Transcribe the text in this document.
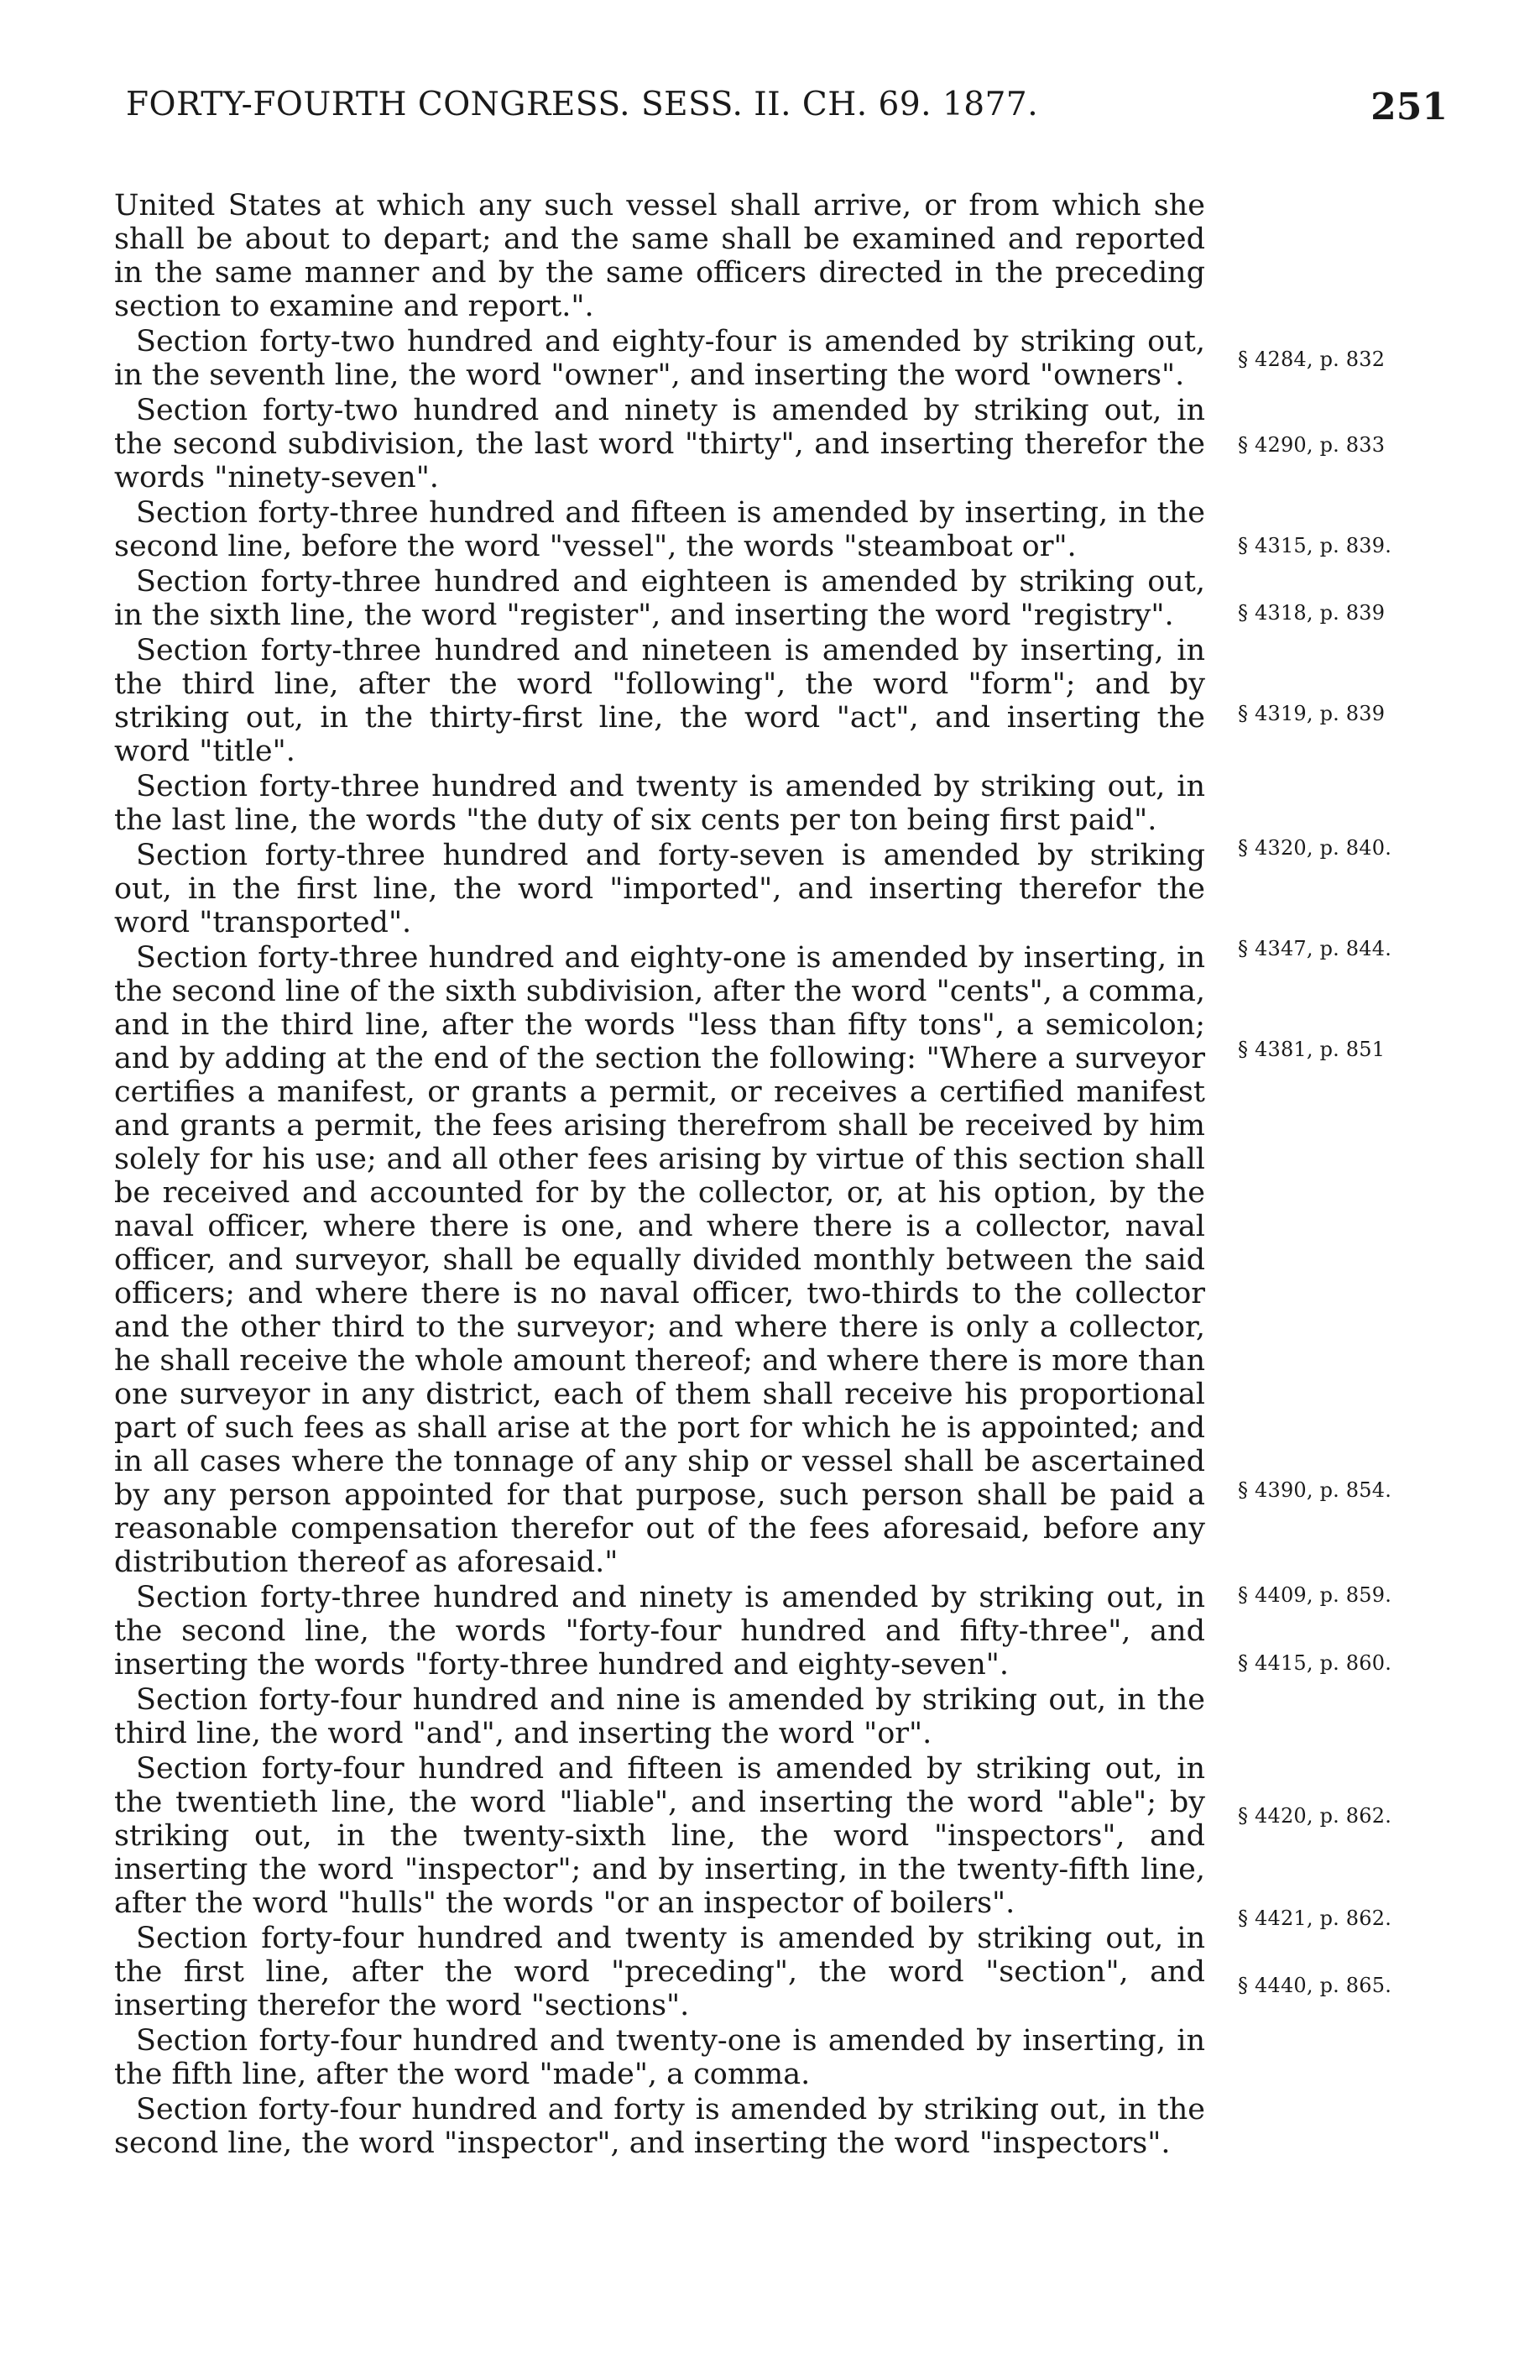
FORTY-FOURTH CONGRESS. SESS. II. CH. 69. 1877.	251

United States at which any such vessel shall arrive, or from which she shall be about to depart; and the same shall be examined and reported in the same manner and by the same officers directed in the preceding section to examine and report.".

Section forty-two hundred and eighty-four is amended by striking out, in the seventh line, the word "owner", and inserting the word "owners".

Section forty-two hundred and ninety is amended by striking out, in the second subdivision, the last word "thirty", and inserting therefor the words "ninety-seven".

Section forty-three hundred and fifteen is amended by inserting, in the second line, before the word "vessel", the words "steamboat or".

Section forty-three hundred and eighteen is amended by striking out, in the sixth line, the word "register", and inserting the word "registry".

Section forty-three hundred and nineteen is amended by inserting, in the third line, after the word "following", the word "form"; and by striking out, in the thirty-first line, the word "act", and inserting the word "title".

Section forty-three hundred and twenty is amended by striking out, in the last line, the words "the duty of six cents per ton being first paid".

Section forty-three hundred and forty-seven is amended by striking out, in the first line, the word "imported", and inserting therefor the word "transported".

Section forty-three hundred and eighty-one is amended by inserting, in the second line of the sixth subdivision, after the word "cents", a comma, and in the third line, after the words "less than fifty tons", a semicolon; and by adding at the end of the section the following: "Where a surveyor certifies a manifest, or grants a permit, or receives a certified manifest and grants a permit, the fees arising therefrom shall be received by him solely for his use; and all other fees arising by virtue of this section shall be received and accounted for by the collector, or, at his option, by the naval officer, where there is one, and where there is a collector, naval officer, and surveyor, shall be equally divided monthly between the said officers; and where there is no naval officer, two-thirds to the collector and the other third to the surveyor; and where there is only a collector, he shall receive the whole amount thereof; and where there is more than one surveyor in any district, each of them shall receive his proportional part of such fees as shall arise at the port for which he is appointed; and in all cases where the tonnage of any ship or vessel shall be ascertained by any person appointed for that purpose, such person shall be paid a reasonable compensation therefor out of the fees aforesaid, before any distribution thereof as aforesaid."

Section forty-three hundred and ninety is amended by striking out, in the second line, the words "forty-four hundred and fifty-three", and inserting the words "forty-three hundred and eighty-seven".

Section forty-four hundred and nine is amended by striking out, in the third line, the word "and", and inserting the word "or".

Section forty-four hundred and fifteen is amended by striking out, in the twentieth line, the word "liable", and inserting the word "able"; by striking out, in the twenty-sixth line, the word "inspectors", and inserting the word "inspector"; and by inserting, in the twenty-fifth line, after the word "hulls" the words "or an inspector of boilers".

Section forty-four hundred and twenty is amended by striking out, in the first line, after the word "preceding", the word "section", and inserting therefor the word "sections".

Section forty-four hundred and twenty-one is amended by inserting, in the fifth line, after the word "made", a comma.

Section forty-four hundred and forty is amended by striking out, in the second line, the word "inspector", and inserting the word "inspectors".

§ 4284, p. 832
§ 4290, p. 833
§ 4315, p. 839.
§ 4318, p. 839
§ 4319, p. 839
§ 4320, p. 840.
§ 4347, p. 844.
§ 4381, p. 851
§ 4390, p. 854.
§ 4409, p. 859.
§ 4415, p. 860.
§ 4420, p. 862.
§ 4421, p. 862.
§ 4440, p. 865.
